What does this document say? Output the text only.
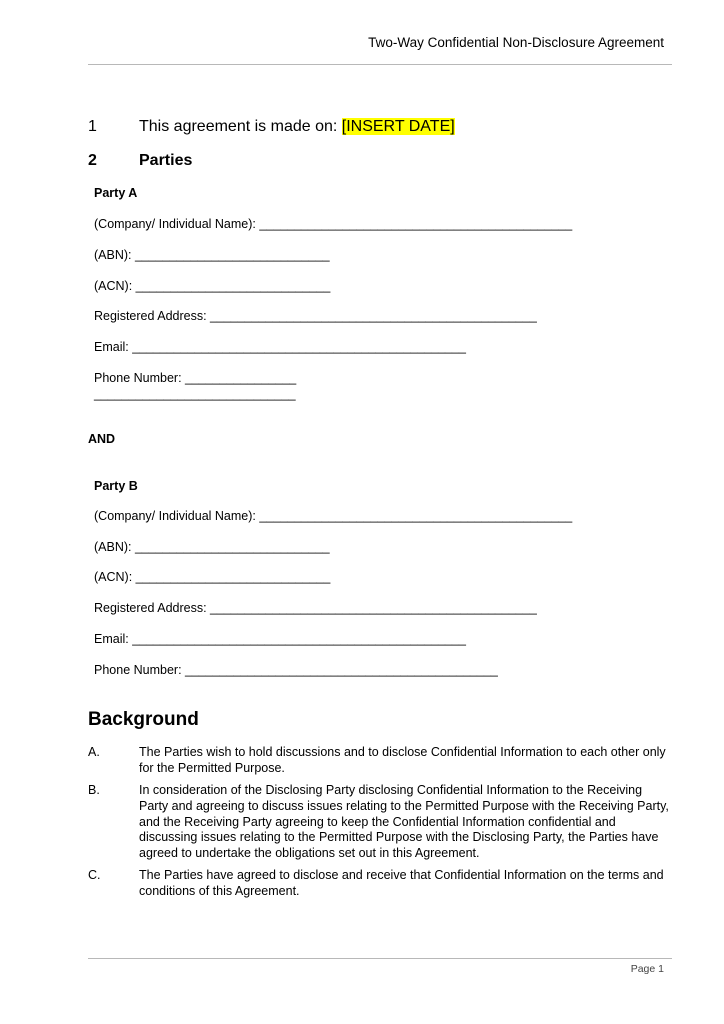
Two-Way Confidential Non-Disclosure Agreement
1	This agreement is made on: [INSERT DATE]
2	Parties
Party A
(Company/ Individual Name): _____________________________________________
(ABN): ____________________________
(ACN): ____________________________
Registered Address: _______________________________________________
Email: ________________________________________________
Phone Number: ________________
_____________________________
AND
Party B
(Company/ Individual Name): _____________________________________________
(ABN): ____________________________
(ACN): ____________________________
Registered Address: _______________________________________________
Email: ________________________________________________
Phone Number: _____________________________________________
Background
A.	The Parties wish to hold discussions and to disclose Confidential Information to each other only for the Permitted Purpose.
B.	In consideration of the Disclosing Party disclosing Confidential Information to the Receiving Party and agreeing to discuss issues relating to the Permitted Purpose with the Receiving Party, and the Receiving Party agreeing to keep the Confidential Information confidential and discussing issues relating to the Permitted Purpose with the Disclosing Party, the Parties have agreed to undertake the obligations set out in this Agreement.
C.	The Parties have agreed to disclose and receive that Confidential Information on the terms and conditions of this Agreement.
Page 1
